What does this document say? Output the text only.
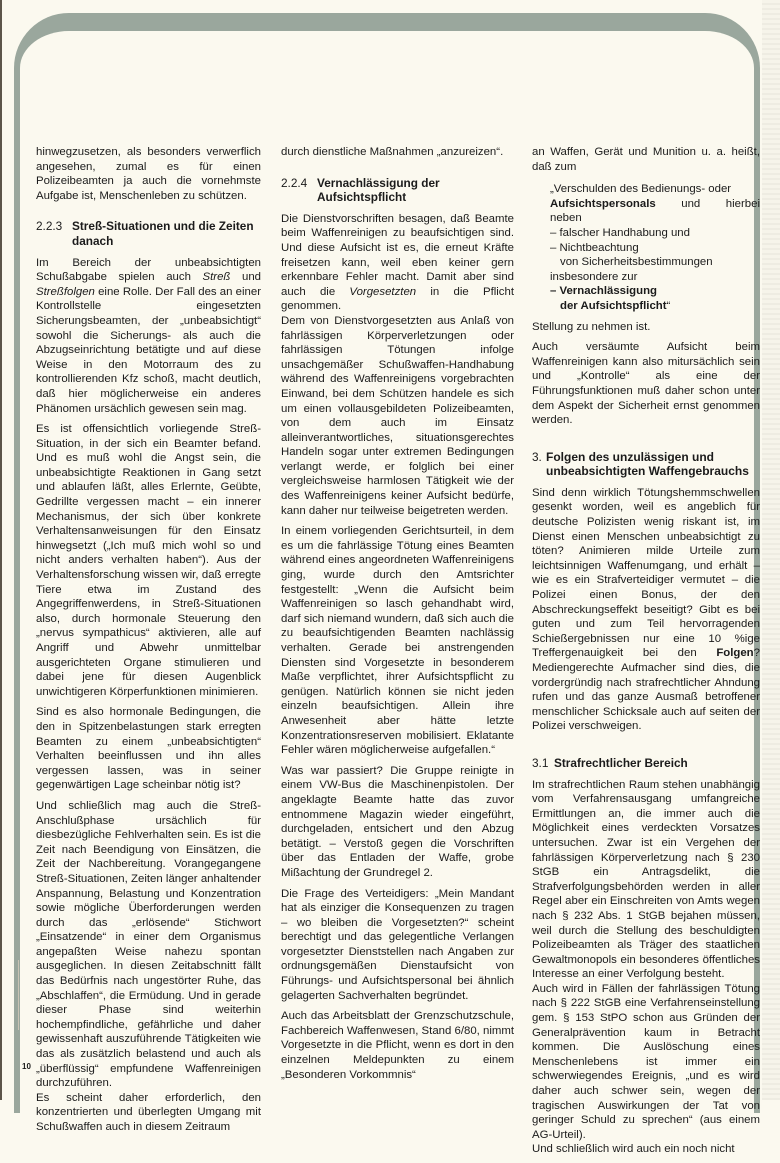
hinwegzusetzen, als besonders verwerflich angesehen, zumal es für einen Polizeibeamten ja auch die vornehmste Aufgabe ist, Menschenleben zu schützen.

2.2.3 Streß-Situationen und die Zeiten danach

Im Bereich der unbeabsichtigten Schußabgabe spielen auch Streß und Streßfolgen eine Rolle. Der Fall des an einer Kontrollstelle eingesetzten Sicherungsbeamten, der „unbeabsichtigt“ sowohl die Sicherungs- als auch die Abzugseinrichtung betätigte und auf diese Weise in den Motorraum des zu kontrollierenden Kfz schoß, macht deutlich, daß hier möglicherweise ein anderes Phänomen ursächlich gewesen sein mag.

Es ist offensichtlich vorliegende Streß-Situation, in der sich ein Beamter befand. Und es muß wohl die Angst sein, die unbeabsichtigte Reaktionen in Gang setzt und ablaufen läßt, alles Erlernte, Geübte, Gedrillte vergessen macht – ein innerer Mechanismus, der sich über konkrete Verhaltensanweisungen für den Einsatz hinwegsetzt („Ich muß mich wohl so und nicht anders verhalten haben“). Aus der Verhaltensforschung wissen wir, daß erregte Tiere etwa im Zustand des Angegriffenwerdens, in Streß-Situationen also, durch hormonale Steuerung den „nervus sympathicus“ aktivieren, alle auf Angriff und Abwehr unmittelbar ausgerichteten Organe stimulieren und dabei jene für diesen Augenblick unwichtigeren Körperfunktionen minimieren.

Sind es also hormonale Bedingungen, die den in Spitzenbelastungen stark erregten Beamten zu einem „unbeabsichtigten“ Verhalten beeinflussen und ihn alles vergessen lassen, was in seiner gegenwärtigen Lage scheinbar nötig ist?

Und schließlich mag auch die Streß-Anschlußphase ursächlich für diesbezügliche Fehlverhalten sein. Es ist die Zeit nach Beendigung von Einsätzen, die Zeit der Nachbereitung. Vorangegangene Streß-Situationen, Zeiten länger anhaltender Anspannung, Belastung und Konzentration sowie mögliche Überforderungen werden durch das „erlösende“ Stichwort „Einsatzende“ in einer dem Organismus angepaßten Weise nahezu spontan ausgeglichen. In diesen Zeitabschnitt fällt das Bedürfnis nach ungestörter Ruhe, das „Abschlaffen“, die Ermüdung. Und in gerade dieser Phase sind weiterhin hochempfindliche, gefährliche und daher gewissenhaft auszuführende Tätigkeiten wie das als zusätzlich belastend und auch als „überflüssig“ empfundene Waffenreinigen durchzuführen.

Es scheint daher erforderlich, den konzentrierten und überlegten Umgang mit Schußwaffen auch in diesem Zeitraum

durch dienstliche Maßnahmen „anzureizen“.

2.2.4 Vernachlässigung der Aufsichtspflicht

Die Dienstvorschriften besagen, daß Beamte beim Waffenreinigen zu beaufsichtigen sind. Und diese Aufsicht ist es, die erneut Kräfte freisetzen kann, weil eben keiner gern erkennbare Fehler macht. Damit aber sind auch die Vorgesetzten in die Pflicht genommen.

Dem von Dienstvorgesetzten aus Anlaß von fahrlässigen Körperverletzungen oder fahrlässigen Tötungen infolge unsachgemäßer Schußwaffen-Handhabung während des Waffenreinigens vorgebrachten Einwand, bei dem Schützen handele es sich um einen vollausgebildeten Polizeibeamten, von dem auch im Einsatz alleinverantwortliches, situationsgerechtes Handeln sogar unter extremen Bedingungen verlangt werde, er folglich bei einer vergleichsweise harmlosen Tätigkeit wie der des Waffenreinigens keiner Aufsicht bedürfe, kann daher nur teilweise beigetreten werden.

In einem vorliegenden Gerichtsurteil, in dem es um die fahrlässige Tötung eines Beamten während eines angeordneten Waffenreinigens ging, wurde durch den Amtsrichter festgestellt: „Wenn die Aufsicht beim Waffenreinigen so lasch gehandhabt wird, darf sich niemand wundern, daß sich auch die zu beaufsichtigenden Beamten nachlässig verhalten. Gerade bei anstrengenden Diensten sind Vorgesetzte in besonderem Maße verpflichtet, ihrer Aufsichtspflicht zu genügen. Natürlich können sie nicht jeden einzeln beaufsichtigen. Allein ihre Anwesenheit aber hätte letzte Konzentrationsreserven mobilisiert. Eklatante Fehler wären möglicherweise aufgefallen.“

Was war passiert? Die Gruppe reinigte in einem VW-Bus die Maschinenpistolen. Der angeklagte Beamte hatte das zuvor entnommene Magazin wieder eingeführt, durchgeladen, entsichert und den Abzug betätigt. – Verstoß gegen die Vorschriften über das Entladen der Waffe, grobe Mißachtung der Grundregel 2.

Die Frage des Verteidigers: „Mein Mandant hat als einziger die Konsequenzen zu tragen – wo bleiben die Vorgesetzten?“ scheint berechtigt und das gelegentliche Verlangen vorgesetzter Dienststellen nach Angaben zur ordnungsgemäßen Dienstaufsicht von Führungs- und Aufsichtspersonal bei ähnlich gelagerten Sachverhalten begründet.

Auch das Arbeitsblatt der Grenzschutzschule, Fachbereich Waffenwesen, Stand 6/80, nimmt Vorgesetzte in die Pflicht, wenn es dort in den einzelnen Meldepunkten zu einem „Besonderen Vorkommnis“

an Waffen, Gerät und Munition u. a. heißt, daß zum

„Verschulden des Bedienungs- oder
Aufsichtspersonals und hierbei
neben
– falscher Handhabung und
– Nichtbeachtung
von Sicherheitsbestimmungen
insbesondere zur
– Vernachlässigung
der Aufsichtspflicht“

Stellung zu nehmen ist.

Auch versäumte Aufsicht beim Waffenreinigen kann also mitursächlich sein und „Kontrolle“ als eine der Führungsfunktionen muß daher schon unter dem Aspekt der Sicherheit ernst genommen werden.

3. Folgen des unzulässigen und unbeabsichtigten Waffengebrauchs

Sind denn wirklich Tötungshemmschwellen gesenkt worden, weil es angeblich für deutsche Polizisten wenig riskant ist, im Dienst einen Menschen unbeabsichtigt zu töten? Animieren milde Urteile zum leichtsinnigen Waffenumgang, und erhält – wie es ein Strafverteidiger vermutet – die Polizei einen Bonus, der den Abschreckungseffekt beseitigt? Gibt es bei guten und zum Teil hervorragenden Schießergebnissen nur eine 10 %ige Treffergenauigkeit bei den Folgen? Mediengerechte Aufmacher sind dies, die vordergründig nach strafrechtlicher Ahndung rufen und das ganze Ausmaß betroffener menschlicher Schicksale auch auf seiten der Polizei verschweigen.

3.1 Strafrechtlicher Bereich

Im strafrechtlichen Raum stehen unabhängig vom Verfahrensausgang umfangreiche Ermittlungen an, die immer auch die Möglichkeit eines verdeckten Vorsatzes untersuchen. Zwar ist ein Vergehen der fahrlässigen Körperverletzung nach § 230 StGB ein Antragsdelikt, die Strafverfolgungsbehörden werden in aller Regel aber ein Einschreiten von Amts wegen nach § 232 Abs. 1 StGB bejahen müssen, weil durch die Stellung des beschuldigten Polizeibeamten als Träger des staatlichen Gewaltmonopols ein besonderes öffentliches Interesse an einer Verfolgung besteht.

Auch wird in Fällen der fahrlässigen Tötung nach § 222 StGB eine Verfahrenseinstellung gem. § 153 StPO schon aus Gründen der Generalprävention kaum in Betracht kommen. Die Auslöschung eines Menschenlebens ist immer ein schwerwiegendes Ereignis, „und es wird daher auch schwer sein, wegen der tragischen Auswirkungen der Tat von geringer Schuld zu sprechen“ (aus einem AG-Urteil).

Und schließlich wird auch ein noch nicht

10
